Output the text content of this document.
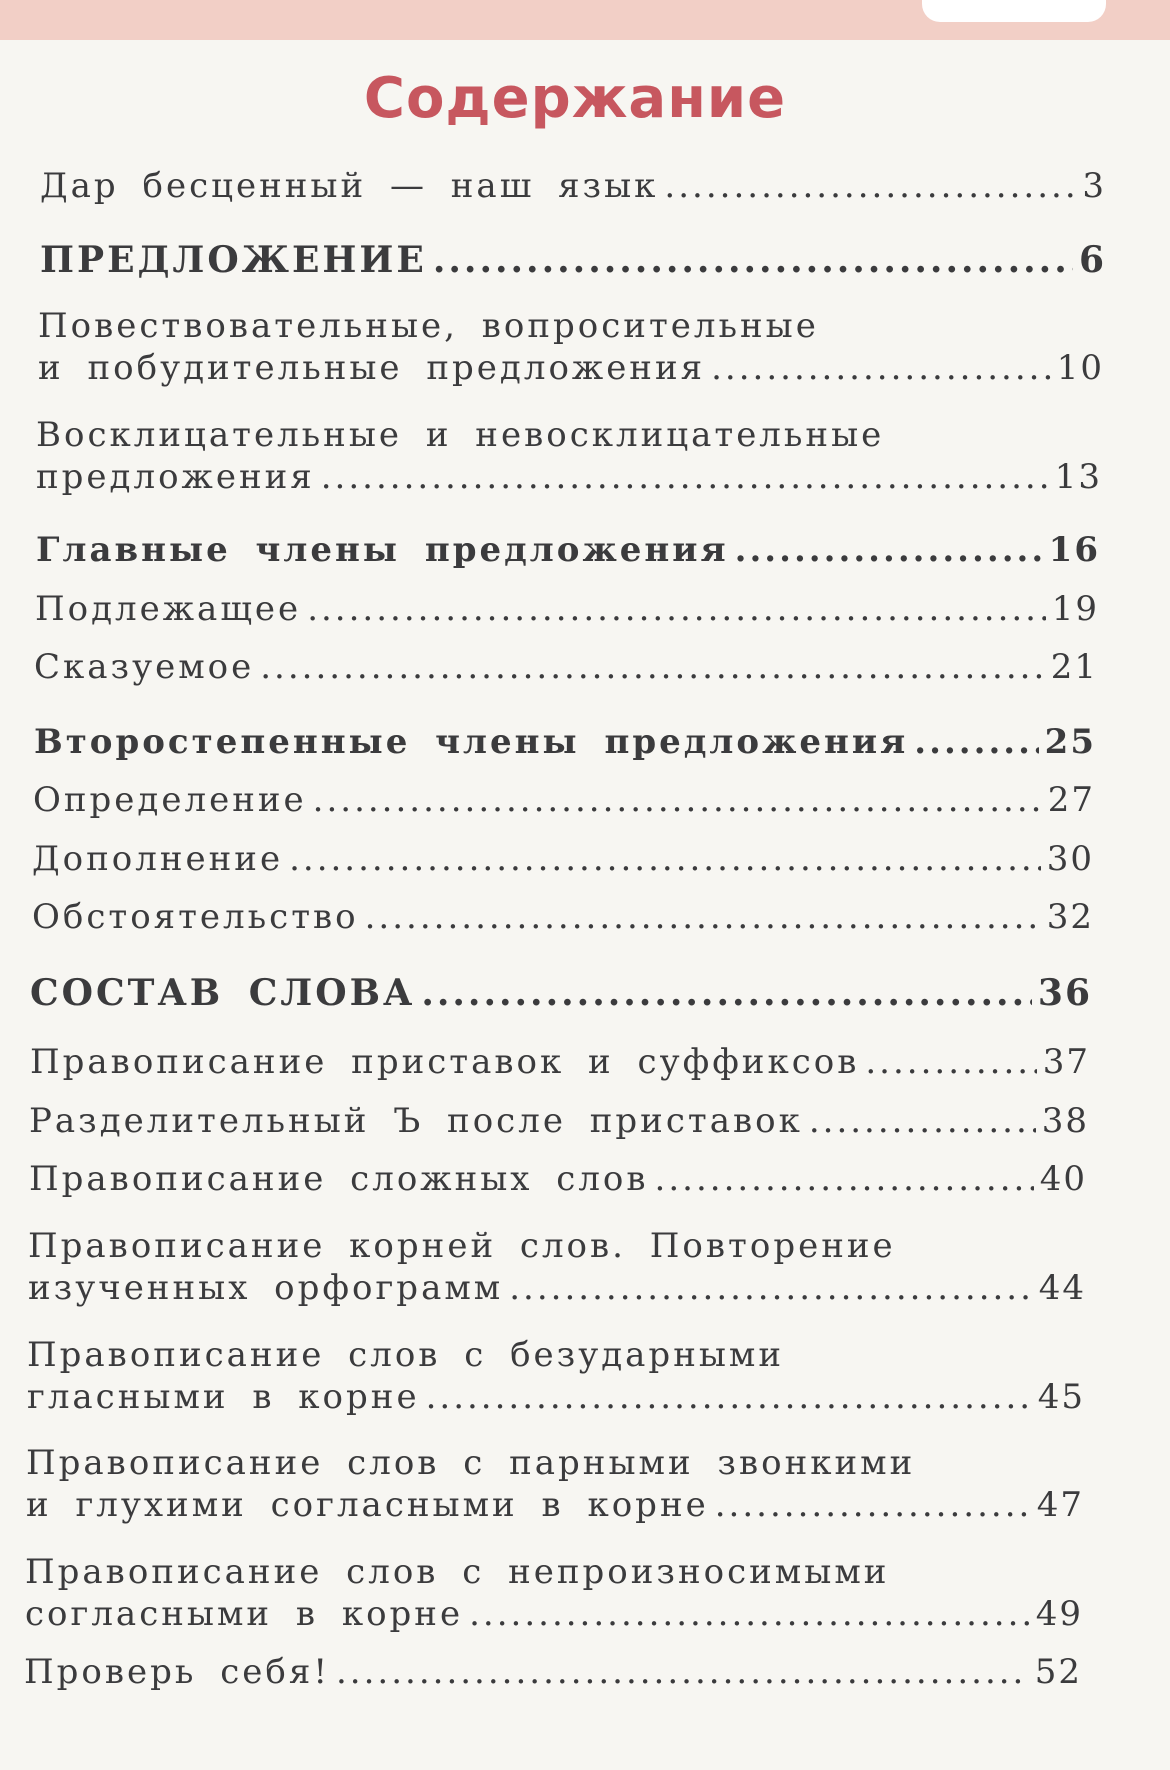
Содержание
Дар бесценный — наш язык .....	3
ПРЕДЛОЖЕНИЕ .....	6
Повествовательные, вопросительные
и побудительные предложения .....	10
Восклицательные и невосклицательные
предложения .....	13
Главные члены предложения .....	16
Подлежащее .....	19
Сказуемое .....	21
Второстепенные члены предложения .....	25
Определение .....	27
Дополнение .....	30
Обстоятельство .....	32
СОСТАВ СЛОВА .....	36
Правописание приставок и суффиксов .....	37
Разделительный Ъ после приставок .....	38
Правописание сложных слов .....	40
Правописание корней слов. Повторение
изученных орфограмм .....	44
Правописание слов с безударными
гласными в корне .....	45
Правописание слов с парными звонкими
и глухими согласными в корне .....	47
Правописание слов с непроизносимыми
согласными в корне .....	49
Проверь себя! .....	52
